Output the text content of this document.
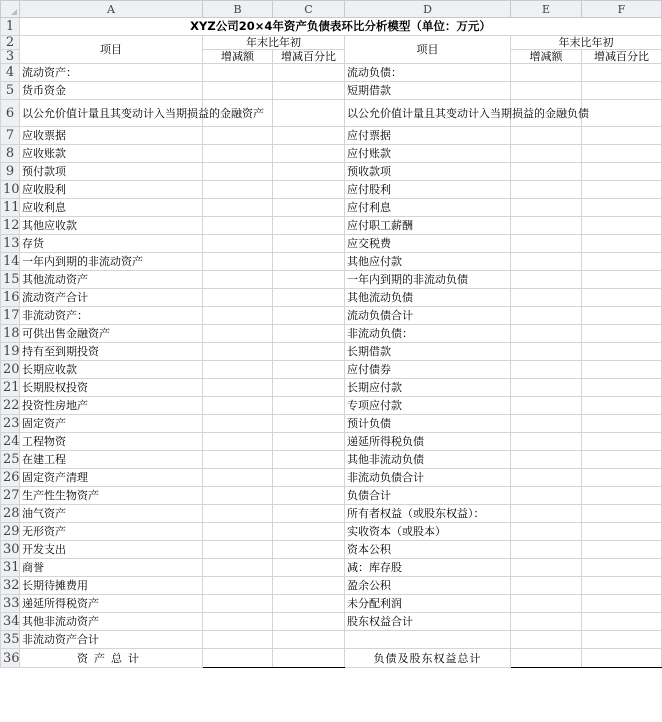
	A	B	C	D	E	F
1	XYZ公司20×4年资产负债表环比分析模型（单位：万元）					
2	项目	年末比年初		项目	年末比年初	
3		增减额	增减百分比		增减额	增减百分比
4	流动资产：			流动负债：		
5	货币资金			短期借款		
6	以公允价值计量且其变动计入当期损益的金融资产			以公允价值计量且其变动计入当期损益的金融负债		
7	应收票据			应付票据		
8	应收账款			应付账款		
9	预付款项			预收款项		
10	应收股利			应付股利		
11	应收利息			应付利息		
12	其他应收款			应付职工薪酬		
13	存货			应交税费		
14	一年内到期的非流动资产			其他应付款		
15	其他流动资产			一年内到期的非流动负债		
16	流动资产合计			其他流动负债		
17	非流动资产：			流动负债合计		
18	可供出售金融资产			非流动负债：		
19	持有至到期投资			长期借款		
20	长期应收款			应付债券		
21	长期股权投资			长期应付款		
22	投资性房地产			专项应付款		
23	固定资产			预计负债		
24	工程物资			递延所得税负债		
25	在建工程			其他非流动负债		
26	固定资产清理			非流动负债合计		
27	生产性生物资产			负债合计		
28	油气资产			所有者权益（或股东权益）：		
29	无形资产			实收资本（或股本）		
30	开发支出			资本公积		
31	商誉			减：库存股		
32	长期待摊费用			盈余公积		
33	递延所得税资产			未分配利润		
34	其他非流动资产			股东权益合计		
35	非流动资产合计					
36	资产总计			负债及股东权益总计		
